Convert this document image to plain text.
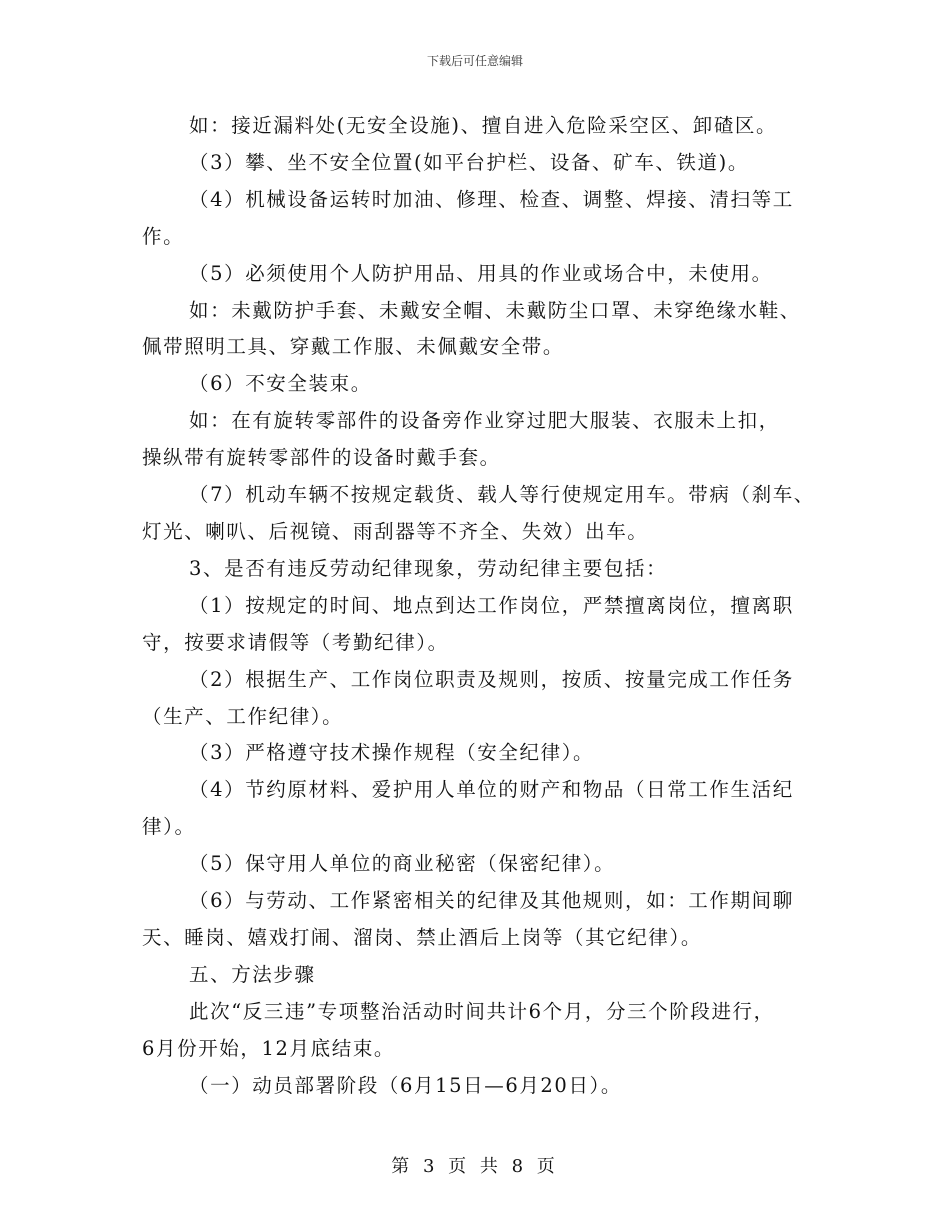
下载后可任意编辑

如：接近漏料处(无安全设施)、擅自进入危险采空区、卸碴区。

（3）攀、坐不安全位置(如平台护栏、设备、矿车、铁道)。

（4）机械设备运转时加油、修理、检查、调整、焊接、清扫等工

作。

（5）必须使用个人防护用品、用具的作业或场合中，未使用。

如：未戴防护手套、未戴安全帽、未戴防尘口罩、未穿绝缘水鞋、

佩带照明工具、穿戴工作服、未佩戴安全带。

（6）不安全装束。

如：在有旋转零部件的设备旁作业穿过肥大服装、衣服未上扣，

操纵带有旋转零部件的设备时戴手套。

（7）机动车辆不按规定载货、载人等行使规定用车。带病（刹车、

灯光、喇叭、后视镜、雨刮器等不齐全、失效）出车。

3、是否有违反劳动纪律现象，劳动纪律主要包括：

（1）按规定的时间、地点到达工作岗位，严禁擅离岗位，擅离职

守，按要求请假等（考勤纪律）。

（2）根据生产、工作岗位职责及规则，按质、按量完成工作任务

（生产、工作纪律）。

（3）严格遵守技术操作规程（安全纪律）。

（4）节约原材料、爱护用人单位的财产和物品（日常工作生活纪

律）。

（5）保守用人单位的商业秘密（保密纪律）。

（6）与劳动、工作紧密相关的纪律及其他规则，如：工作期间聊

天、睡岗、嬉戏打闹、溜岗、禁止酒后上岗等（其它纪律）。

五、方法步骤

此次“反三违”专项整治活动时间共计6个月，分三个阶段进行，

6月份开始，12月底结束。

（一）动员部署阶段（6月15日—6月20日）。

第 3 页 共 8 页
